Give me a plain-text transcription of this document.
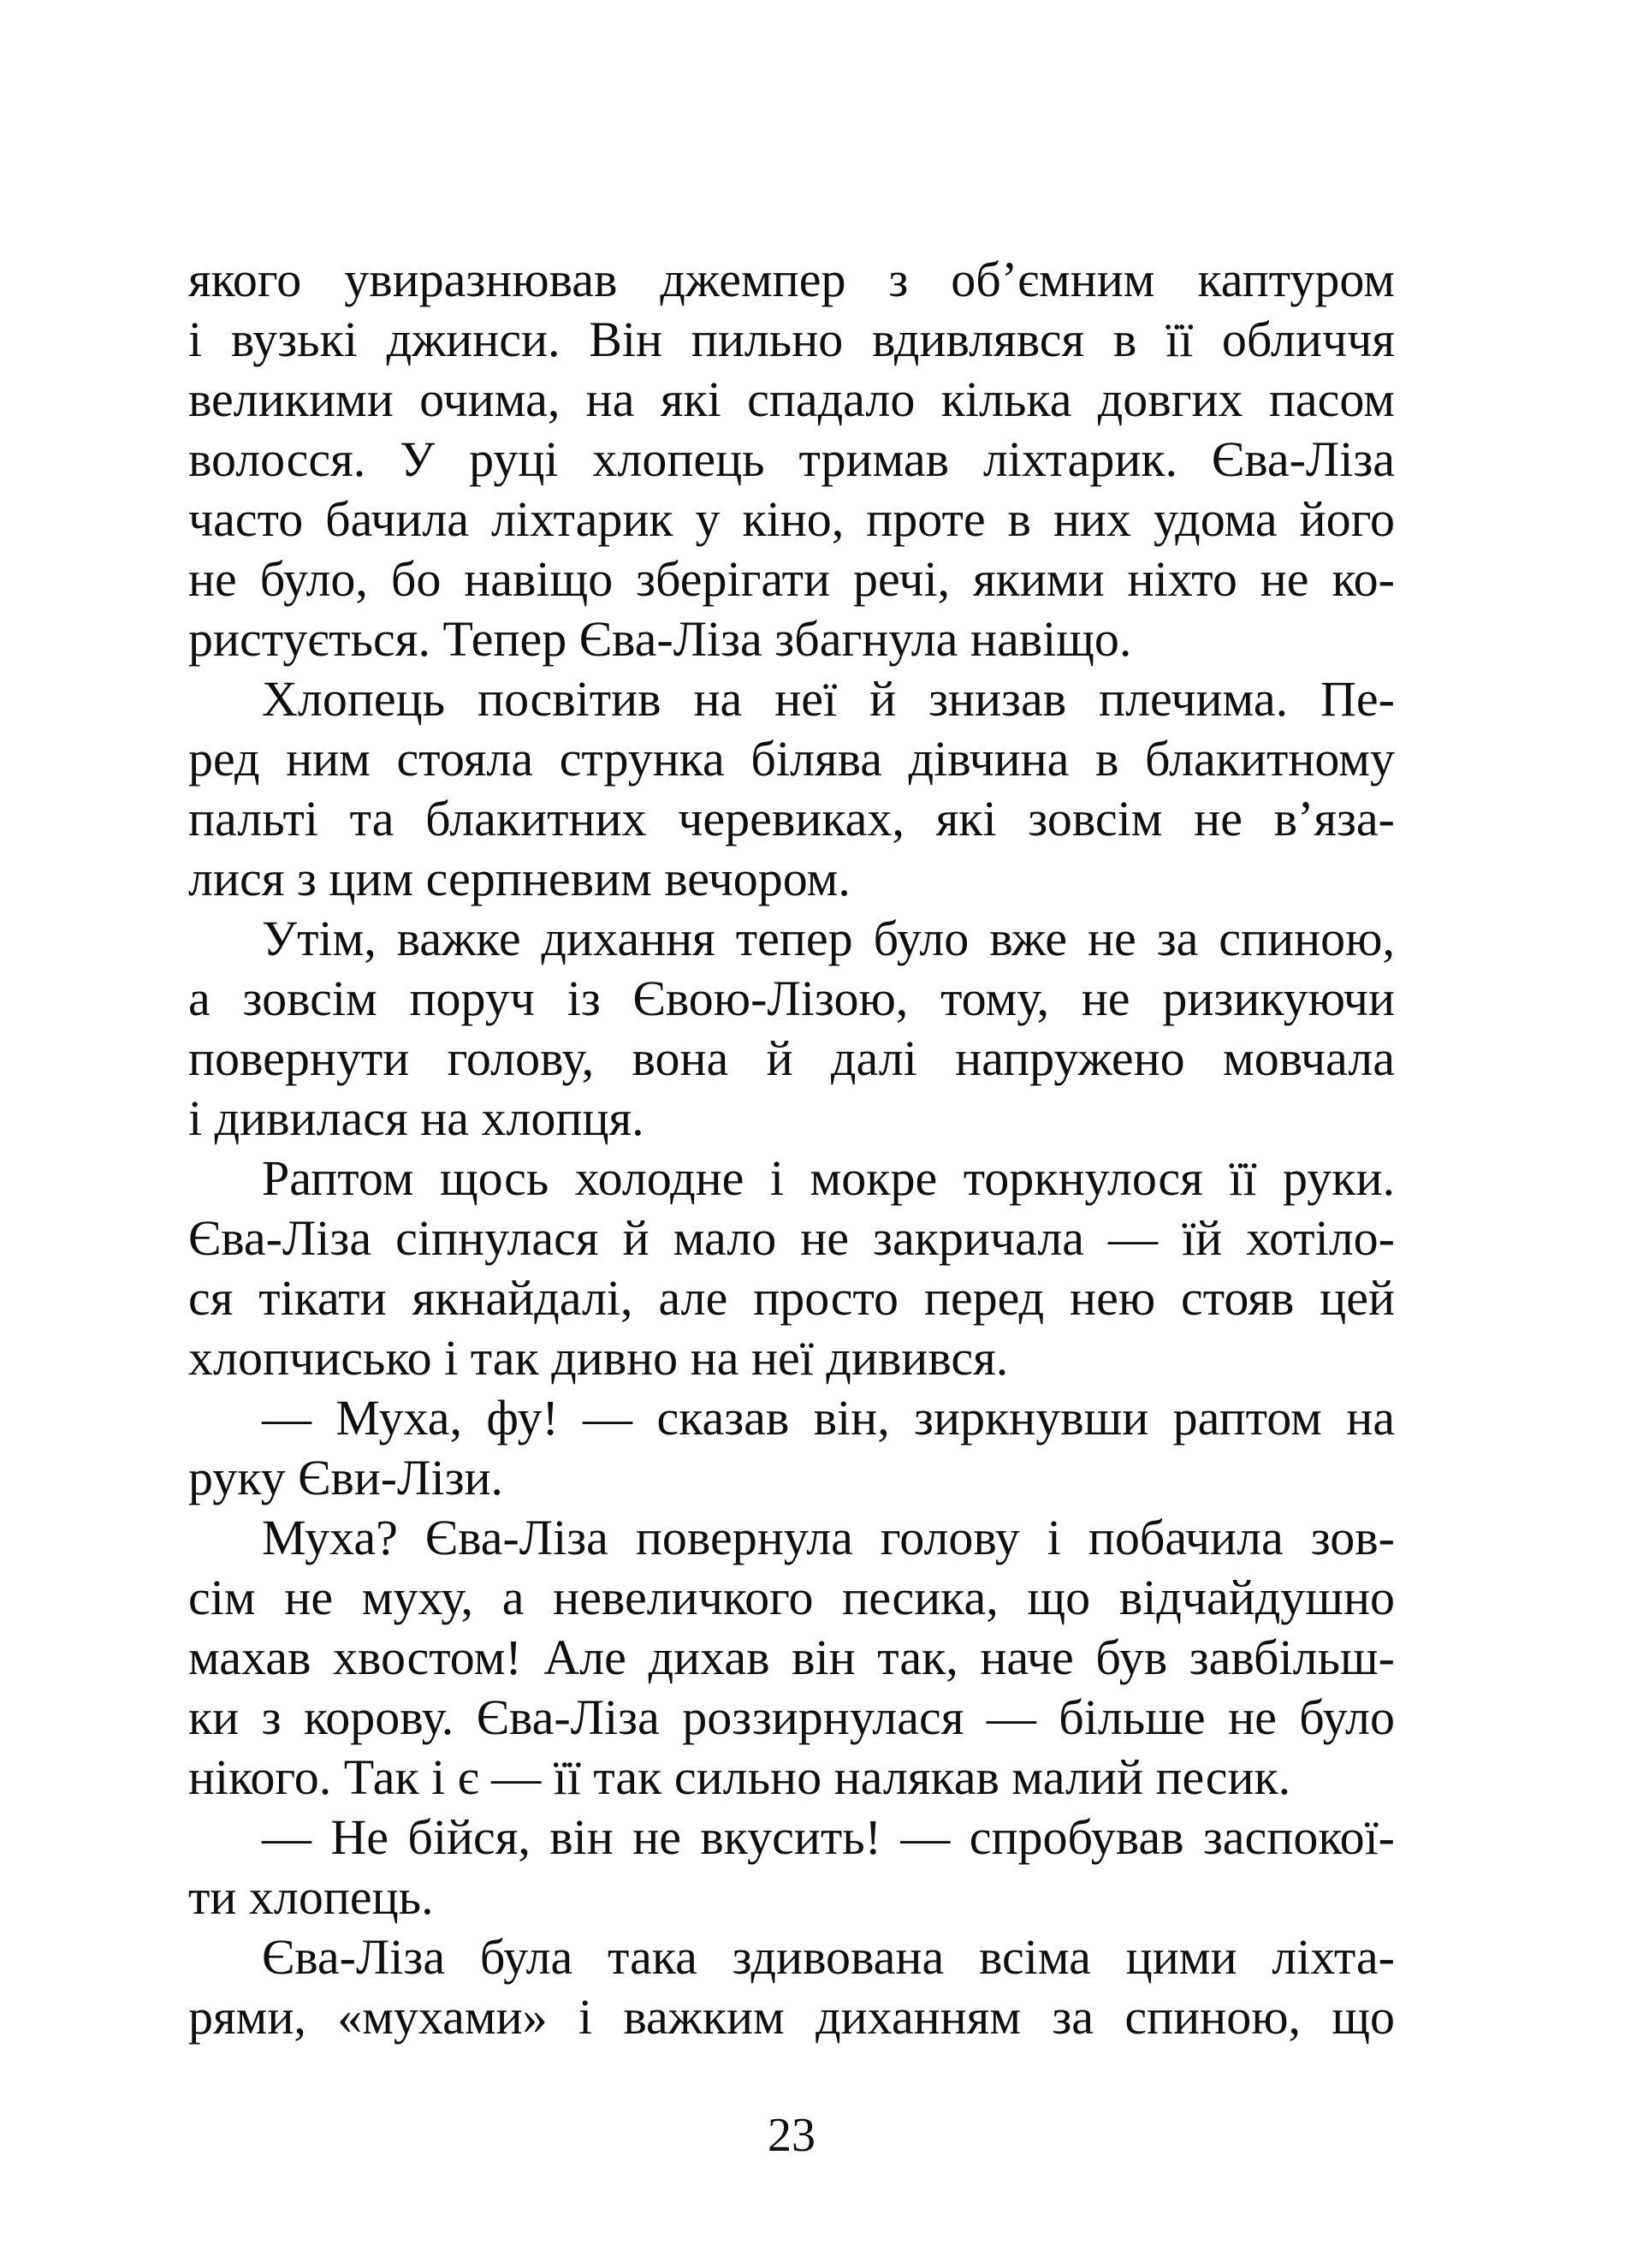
якого увиразнював джемпер з об’ємним каптуром
і вузькі джинси. Він пильно вдивлявся в її обличчя
великими очима, на які спадало кілька довгих пасом
волосся. У руці хлопець тримав ліхтарик. Єва-Ліза
часто бачила ліхтарик у кіно, проте в них удома його
не було, бо навіщо зберігати речі, якими ніхто не ко-
ристується. Тепер Єва-Ліза збагнула навіщо.
Хлопець посвітив на неї й знизав плечима. Пе-
ред ним стояла струнка білява дівчина в блакитному
пальті та блакитних черевиках, які зовсім не в’яза-
лися з цим серпневим вечором.
Утім, важке дихання тепер було вже не за спиною,
а зовсім поруч із Євою-Лізою, тому, не ризикуючи
повернути голову, вона й далі напружено мовчала
і дивилася на хлопця.
Раптом щось холодне і мокре торкнулося її руки.
Єва-Ліза сіпнулася й мало не закричала — їй хотіло-
ся тікати якнайдалі, але просто перед нею стояв цей
хлопчисько і так дивно на неї дивився.
— Муха, фу! — сказав він, зиркнувши раптом на
руку Єви-Лізи.
Муха? Єва-Ліза повернула голову і побачила зов-
сім не муху, а невеличкого песика, що відчайдушно
махав хвостом! Але дихав він так, наче був завбільш-
ки з корову. Єва-Ліза роззирнулася — більше не було
нікого. Так і є — її так сильно налякав малий песик.
— Не бійся, він не вкусить! — спробував заспокої-
ти хлопець.
Єва-Ліза була така здивована всіма цими ліхта-
рями, «мухами» і важким диханням за спиною, що
23
